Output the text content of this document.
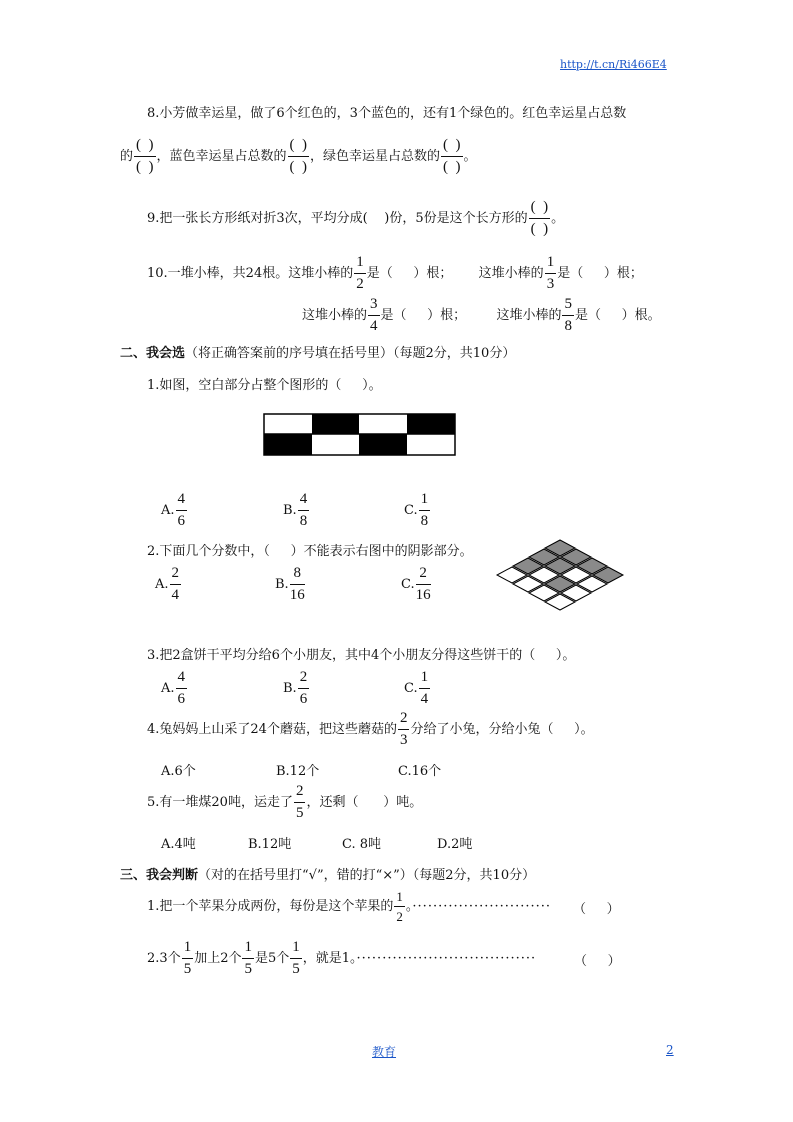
http://t.cn/Ri466E4
8.小芳做幸运星，做了6个红色的，3个蓝色的，还有1个绿色的。红色幸运星占总数
的 $\frac{( )}{( )}$ ，蓝色幸运星占总数的 $\frac{( )}{( )}$ ，绿色幸运星占总数的 $\frac{( )}{( )}$ 。
9.把一张长方形纸对折3次，平均分成(    )份，5份是这个长方形的 $\frac{( )}{( )}$ 。
10.一堆小棒，共24根。这堆小棒的 $\frac{1}{2}$ 是（     ）根； 这堆小棒的 $\frac{1}{3}$ 是（     ）根；
这堆小棒的 $\frac{3}{4}$ 是（     ）根； 这堆小棒的 $\frac{5}{8}$ 是（     ）根。
二、我会选（将正确答案前的序号填在括号里）（每题2分，共10分）
1.如图，空白部分占整个图形的（     ）。
A. $\frac{4}{6}$	B. $\frac{4}{8}$	C. $\frac{1}{8}$
2.下面几个分数中，（     ）不能表示右图中的阴影部分。
A. $\frac{2}{4}$	B. $\frac{8}{16}$	C. $\frac{2}{16}$
3.把2盒饼干平均分给6个小朋友，其中4个小朋友分得这些饼干的（     ）。
A. $\frac{4}{6}$	B. $\frac{2}{6}$	C. $\frac{1}{4}$
4.兔妈妈上山采了24个蘑菇，把这些蘑菇的 $\frac{2}{3}$ 分给了小兔，分给小兔（     ）。
A.6个	B.12个	C.16个
5.有一堆煤20吨，运走了 $\frac{2}{5}$ ，还剩（      ）吨。
A.4吨	B.12吨	C. 8吨	D.2吨
三、我会判断（对的在括号里打“√”，错的打“×”）（每题2分，共10分）
1.把一个苹果分成两份，每份是这个苹果的 $\frac{1}{2}$ 。··························· （     ）
2.3个 $\frac{1}{5}$ 加上2个 $\frac{1}{5}$ 是5个 $\frac{1}{5}$ ，就是1。···································	（     ）
教育	2
